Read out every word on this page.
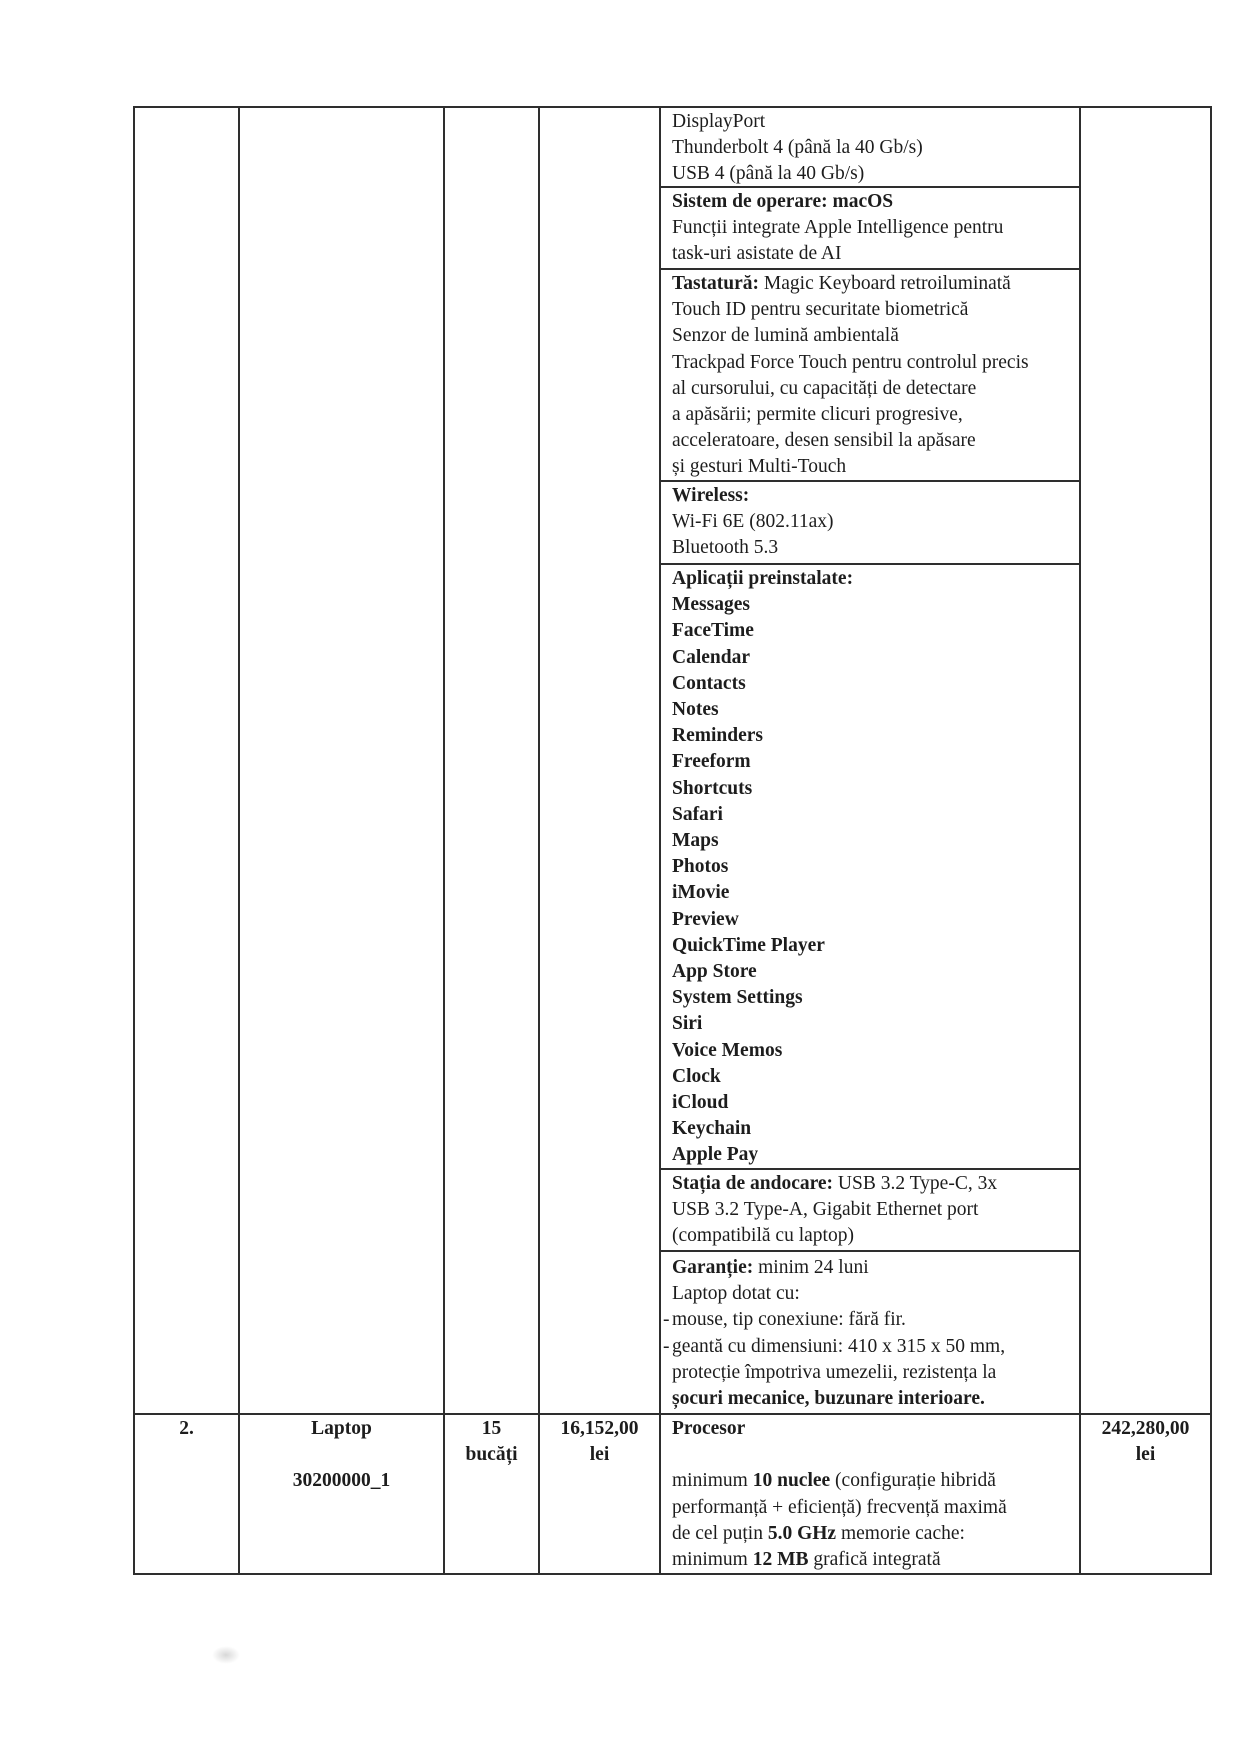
DisplayPort
Thunderbolt 4 (până la 40 Gb/s)
USB 4 (până la 40 Gb/s)
Sistem de operare: macOS
Funcții integrate Apple Intelligence pentru
task-uri asistate de AI
Tastatură: Magic Keyboard retroiluminată
Touch ID pentru securitate biometrică
Senzor de lumină ambientală
Trackpad Force Touch pentru controlul precis
al cursorului, cu capacități de detectare
a apăsării; permite clicuri progresive,
acceleratoare, desen sensibil la apăsare
și gesturi Multi-Touch
Wireless:
Wi-Fi 6E (802.11ax)
Bluetooth 5.3
Aplicații preinstalate:
Messages
FaceTime
Calendar
Contacts
Notes
Reminders
Freeform
Shortcuts
Safari
Maps
Photos
iMovie
Preview
QuickTime Player
App Store
System Settings
Siri
Voice Memos
Clock
iCloud
Keychain
Apple Pay
Stația de andocare: USB 3.2 Type-C, 3x
USB 3.2 Type-A, Gigabit Ethernet port
(compatibilă cu laptop)
Garanție: minim 24 luni
Laptop dotat cu:
- mouse, tip conexiune: fără fir.
- geantă cu dimensiuni: 410 x 315 x 50 mm,
protecție împotriva umezelii, rezistența la
șocuri mecanice, buzunare interioare.
2.	Laptop
30200000_1
15
bucăți
16,152,00
lei
Procesor
minimum 10 nuclee (configurație hibridă
performanță + eficiență) frecvență maximă
de cel puțin 5.0 GHz memorie cache:
minimum 12 MB grafică integrată
242,280,00
lei
